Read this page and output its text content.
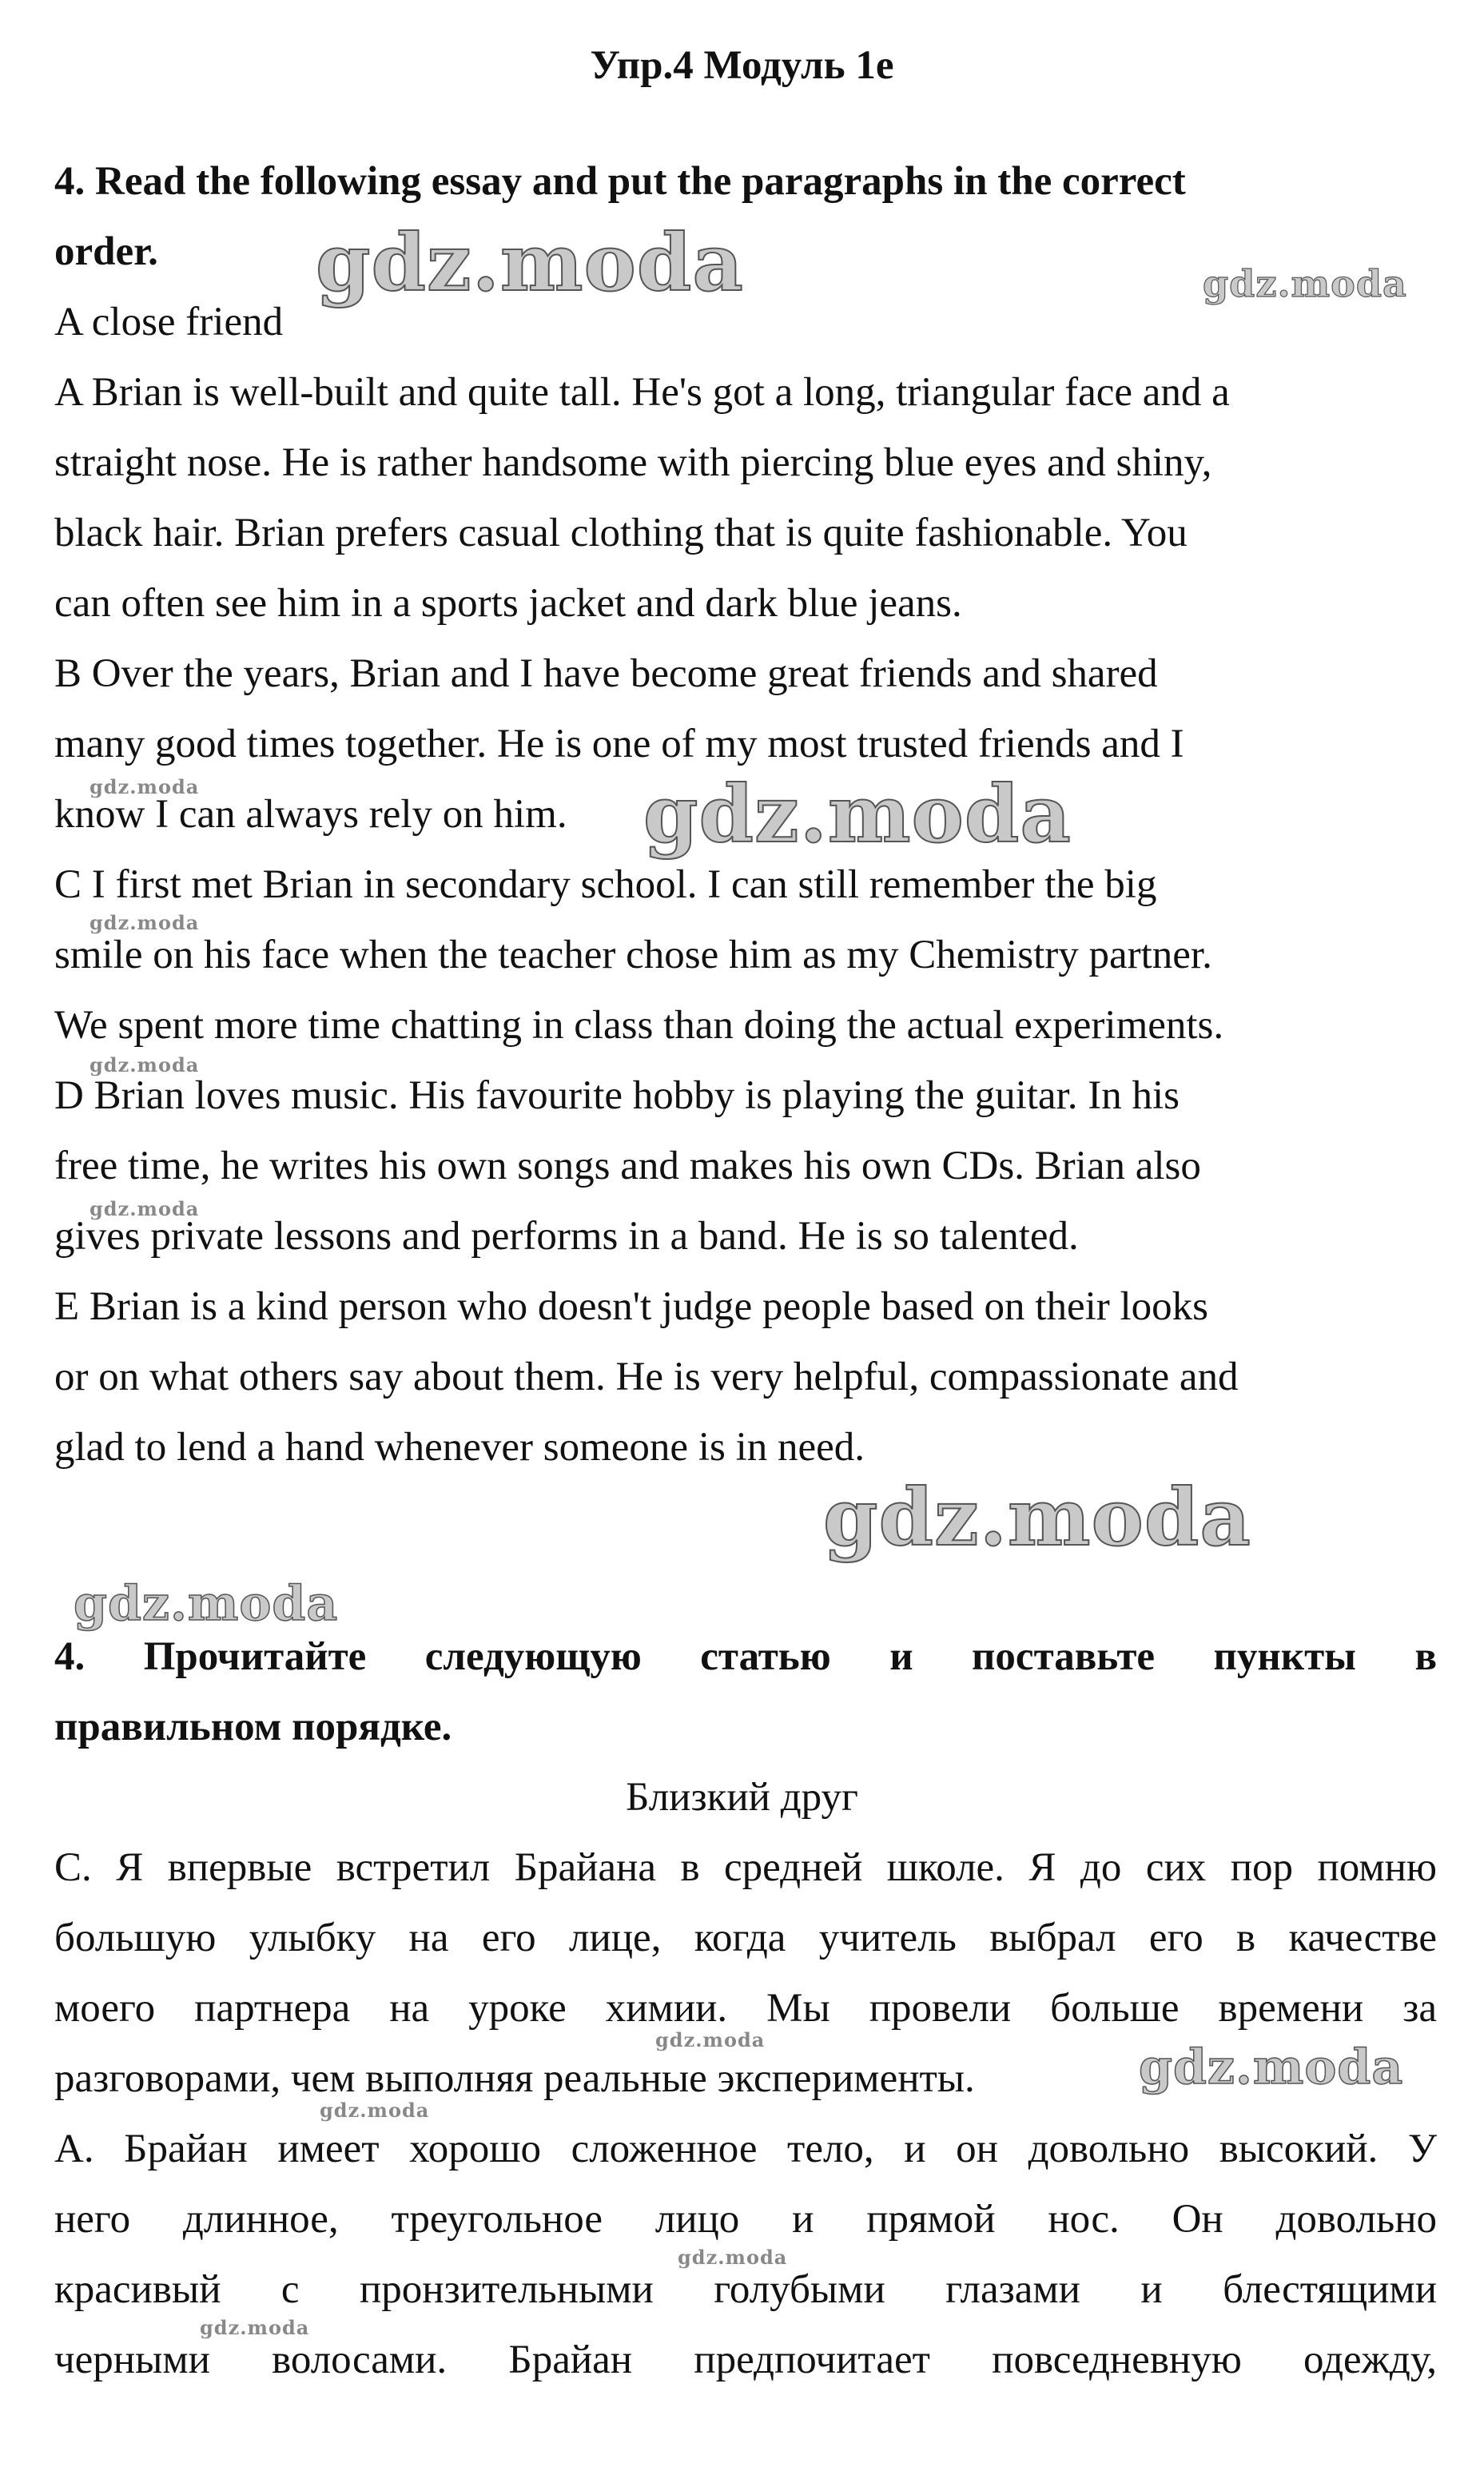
Упр.4 Модуль 1e
4. Read the following essay and put the paragraphs in the correct
order.
A close friend
A Brian is well-built and quite tall. He's got a long, triangular face and a
straight nose. He is rather handsome with piercing blue eyes and shiny,
black hair. Brian prefers casual clothing that is quite fashionable. You
can often see him in a sports jacket and dark blue jeans.
B Over the years, Brian and I have become great friends and shared
many good times together. He is one of my most trusted friends and I
know I can always rely on him.
C I first met Brian in secondary school. I can still remember the big
smile on his face when the teacher chose him as my Chemistry partner.
We spent more time chatting in class than doing the actual experiments.
D Brian loves music. His favourite hobby is playing the guitar. In his
free time, he writes his own songs and makes his own CDs. Brian also
gives private lessons and performs in a band. He is so talented.
E Brian is a kind person who doesn't judge people based on their looks
or on what others say about them. He is very helpful, compassionate and
glad to lend a hand whenever someone is in need.
4. Прочитайте следующую статью и поставьте пункты в
правильном порядке.
Близкий друг
С. Я впервые встретил Брайана в средней школе. Я до сих пор помню
большую улыбку на его лице, когда учитель выбрал его в качестве
моего партнера на уроке химии. Мы провели больше времени за
разговорами, чем выполняя реальные эксперименты.
А. Брайан имеет хорошо сложенное тело, и он довольно высокий. У
него длинное, треугольное лицо и прямой нос. Он довольно
красивый с пронзительными голубыми глазами и блестящими
черными волосами. Брайан предпочитает повседневную одежду,
gdz.moda	gdz.moda
gdz.moda
gdz.moda
gdz.moda
gdz.moda
gdz.moda
gdz.moda
gdz.moda
gdz.moda	gdz.moda
gdz.moda
gdz.moda
gdz.moda
